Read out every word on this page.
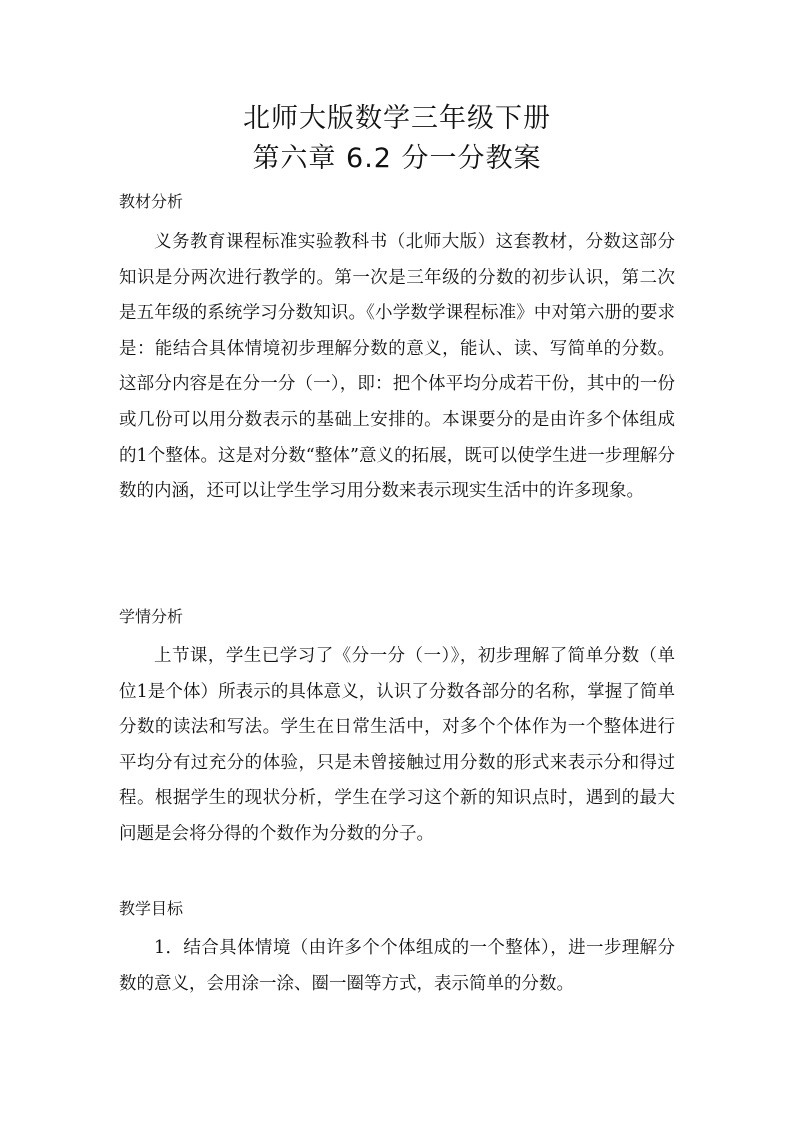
北师大版数学三年级下册
第六章 6.2 分一分教案
教材分析
义务教育课程标准实验教科书（北师大版）这套教材，分数这部分知识是分两次进行教学的。第一次是三年级的分数的初步认识，第二次是五年级的系统学习分数知识。《小学数学课程标准》中对第六册的要求是：能结合具体情境初步理解分数的意义，能认、读、写简单的分数。这部分内容是在分一分（一），即：把个体平均分成若干份，其中的一份或几份可以用分数表示的基础上安排的。本课要分的是由许多个体组成的1个整体。这是对分数“整体”意义的拓展，既可以使学生进一步理解分数的内涵，还可以让学生学习用分数来表示现实生活中的许多现象。
学情分析
上节课，学生已学习了《分一分（一）》，初步理解了简单分数（单位1是个体）所表示的具体意义，认识了分数各部分的名称，掌握了简单分数的读法和写法。学生在日常生活中，对多个个体作为一个整体进行平均分有过充分的体验，只是未曾接触过用分数的形式来表示分和得过程。根据学生的现状分析，学生在学习这个新的知识点时，遇到的最大问题是会将分得的个数作为分数的分子。
教学目标
1．结合具体情境（由许多个个体组成的一个整体），进一步理解分数的意义，会用涂一涂、圈一圈等方式，表示简单的分数。
